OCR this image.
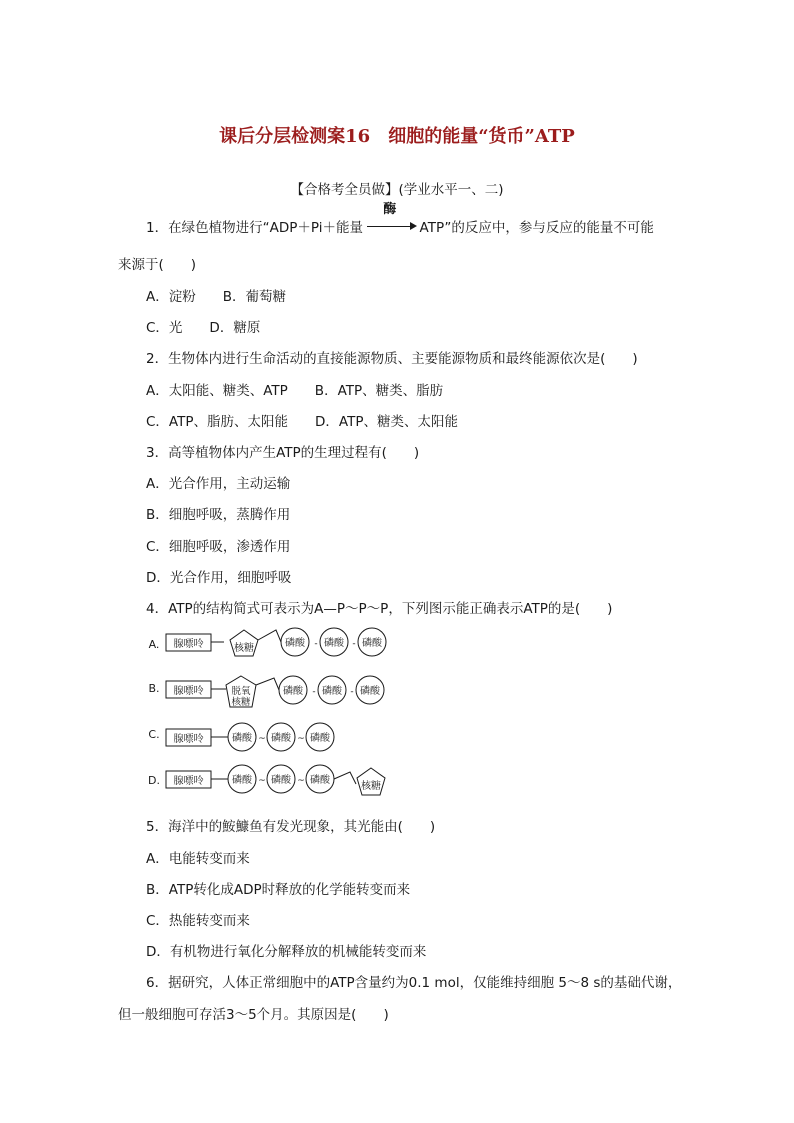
课后分层检测案16　细胞的能量“货币”ATP
【合格考全员做】(学业水平一、二)
1．在绿色植物进行“ADP＋Pi＋能量
酶
ATP”的反应中，参与反应的能量不可能
来源于(　　)
A．淀粉　　B．葡萄糖
C．光　　D．糖原
2．生物体内进行生命活动的直接能源物质、主要能源物质和最终能源依次是(　　)
A．太阳能、糖类、ATP　　B．ATP、糖类、脂肪
C．ATP、脂肪、太阳能　　D．ATP、糖类、太阳能
3．高等植物体内产生ATP的生理过程有(　　)
A．光合作用，主动运输
B．细胞呼吸，蒸腾作用
C．细胞呼吸，渗透作用
D．光合作用，细胞呼吸
4．ATP的结构简式可表示为A—P～P～P，下列图示能正确表示ATP的是(　　)
A. 腺嘌呤	核糖	磷酸 - 磷酸 - 磷酸
B. 腺嘌呤	脱氧
核糖
磷酸 - 磷酸 - 磷酸
C. 腺嘌呤	磷酸 ~ 磷酸 ~ 磷酸
D. 腺嘌呤	磷酸 ~ 磷酸 ~ 磷酸
核糖
5．海洋中的鮟鱇鱼有发光现象，其光能由(　　)
A．电能转变而来
B．ATP转化成ADP时释放的化学能转变而来
C．热能转变而来
D．有机物进行氧化分解释放的机械能转变而来
6．据研究，人体正常细胞中的ATP含量约为0.1 mol，仅能维持细胞 5～8 s的基础代谢，
但一般细胞可存活3～5个月。其原因是(　　)
